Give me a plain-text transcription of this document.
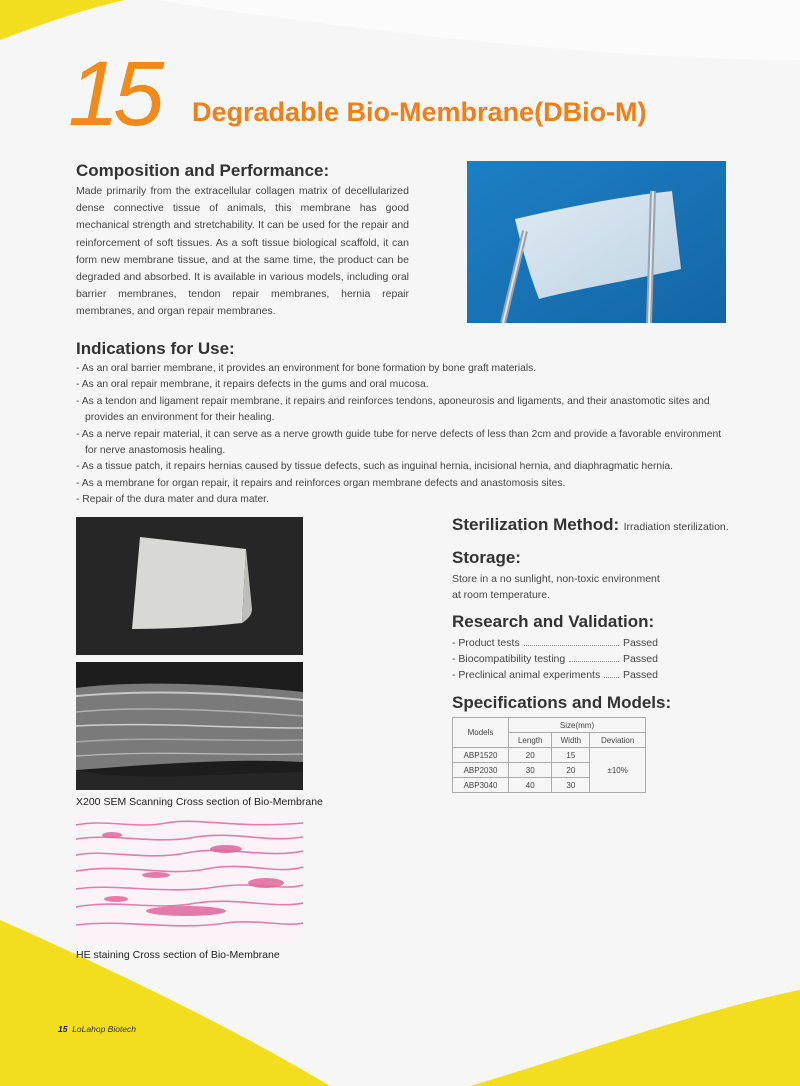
15 Degradable Bio-Membrane(DBio-M)
Composition and Performance:

Made primarily from the extracellular collagen matrix of decellularized dense connective tissue of animals, this membrane has good mechanical strength and stretchability. It can be used for the repair and reinforcement of soft tissues. As a soft tissue biological scaffold, it can form new membrane tissue, and at the same time, the product can be degraded and absorbed. It is available in various models, including oral barrier membranes, tendon repair membranes, hernia repair membranes, and organ repair membranes.

Indications for Use:
- As an oral barrier membrane, it provides an environment for bone formation by bone graft materials.
- As an oral repair membrane, it repairs defects in the gums and oral mucosa.
- As a tendon and ligament repair membrane, it repairs and reinforces tendons, aponeurosis and ligaments, and their anastomotic sites and provides an environment for their healing.
- As a nerve repair material, it can serve as a nerve growth guide tube for nerve defects of less than 2cm and provide a favorable environment for nerve anastomosis healing.
- As a tissue patch, it repairs hernias caused by tissue defects, such as inguinal hernia, incisional hernia, and diaphragmatic hernia.
- As a membrane for organ repair, it repairs and reinforces organ membrane defects and anastomosis sites.
- Repair of the dura mater and dura mater.
X200 SEM Scanning Cross section of Bio-Membrane
HE staining Cross section of Bio-Membrane
Sterilization Method: Irradiation sterilization.
Storage:
Store in a no sunlight, non-toxic environment
at room temperature.
Research and Validation:
- Product tests	Passed
- Biocompatibility testing	Passed
- Preclinical animal experiments Passed
Specifications and Models:
Models	Size(mm)		
	Length	Width	Deviation
ABP1520	20	15	±10%
ABP2030	30	20	
ABP3040	40	30	
15 LoLahop Biotech
